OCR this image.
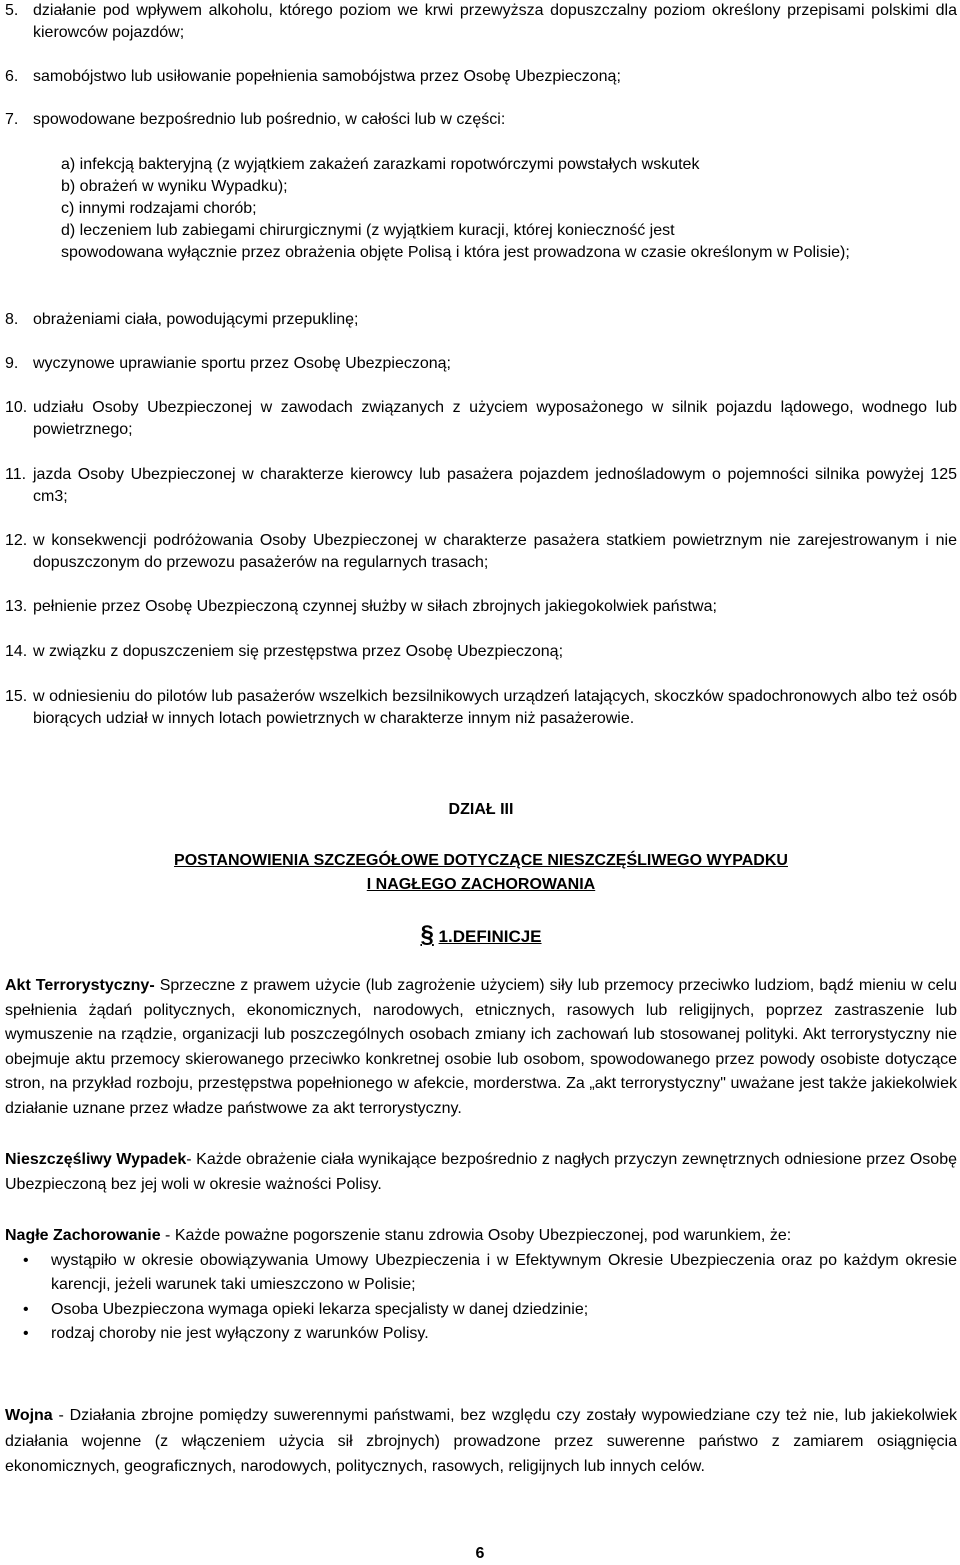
5. działanie pod wpływem alkoholu, którego poziom we krwi przewyższa dopuszczalny poziom określony przepisami polskimi dla kierowców pojazdów;

6. samobójstwo lub usiłowanie popełnienia samobójstwa przez Osobę Ubezpieczoną;

7. spowodowane bezpośrednio lub pośrednio, w całości lub w części:

a) infekcją bakteryjną (z wyjątkiem zakażeń zarazkami ropotwórczymi powstałych wskutek
b) obrażeń w wyniku Wypadku);
c) innymi rodzajami chorób;
d) leczeniem lub zabiegami chirurgicznymi (z wyjątkiem kuracji, której konieczność jest

spowodowana wyłącznie przez obrażenia objęte Polisą i która jest prowadzona w czasie określonym w Polisie);

8. obrażeniami ciała, powodującymi przepuklinę;

9. wyczynowe uprawianie sportu przez Osobę Ubezpieczoną;

10. udziału Osoby Ubezpieczonej w zawodach związanych z użyciem wyposażonego w silnik pojazdu lądowego, wodnego lub powietrznego;

11. jazda Osoby Ubezpieczonej w charakterze kierowcy lub pasażera pojazdem jednośladowym o pojemności silnika powyżej 125 cm3;

12. w konsekwencji podróżowania Osoby Ubezpieczonej w charakterze pasażera statkiem powietrznym nie zarejestrowanym i nie dopuszczonym do przewozu pasażerów na regularnych trasach;

13. pełnienie przez Osobę Ubezpieczoną czynnej służby w siłach zbrojnych jakiegokolwiek państwa;

14. w związku z dopuszczeniem się przestępstwa przez Osobę Ubezpieczoną;

15. w odniesieniu do pilotów lub pasażerów wszelkich bezsilnikowych urządzeń latających, skoczków spadochronowych albo też osób biorących udział w innych lotach powietrznych w charakterze innym niż pasażerowie.

DZIAŁ III
POSTANOWIENIA SZCZEGÓŁOWE DOTYCZĄCE NIESZCZĘŚLIWEGO WYPADKU
I NAGŁEGO ZACHOROWANIA
§ 1.DEFINICJE

Akt Terrorystyczny- Sprzeczne z prawem użycie (lub zagrożenie użyciem) siły lub przemocy przeciwko ludziom, bądź mieniu w celu spełnienia żądań politycznych, ekonomicznych, narodowych, etnicznych, rasowych lub religijnych, poprzez zastraszenie lub wymuszenie na rządzie, organizacji lub poszczególnych osobach zmiany ich zachowań lub stosowanej polityki. Akt terrorystyczny nie obejmuje aktu przemocy skierowanego przeciwko konkretnej osobie lub osobom, spowodowanego przez powody osobiste dotyczące stron, na przykład rozboju, przestępstwa popełnionego w afekcie, morderstwa. Za „akt terrorystyczny" uważane jest także jakiekolwiek działanie uznane przez władze państwowe za akt terrorystyczny.

Nieszczęśliwy Wypadek- Każde obrażenie ciała wynikające bezpośrednio z nagłych przyczyn zewnętrznych odniesione przez Osobę Ubezpieczoną bez jej woli w okresie ważności Polisy.

Nagłe Zachorowanie - Każde poważne pogorszenie stanu zdrowia Osoby Ubezpieczonej, pod warunkiem, że:

• wystąpiło w okresie obowiązywania Umowy Ubezpieczenia i w Efektywnym Okresie Ubezpieczenia oraz po każdym okresie karencji, jeżeli warunek taki umieszczono w Polisie;
• Osoba Ubezpieczona wymaga opieki lekarza specjalisty w danej dziedzinie;
• rodzaj choroby nie jest wyłączony z warunków Polisy.

Wojna - Działania zbrojne pomiędzy suwerennymi państwami, bez względu czy zostały wypowiedziane czy też nie, lub jakiekolwiek działania wojenne (z włączeniem użycia sił zbrojnych) prowadzone przez suwerenne państwo z zamiarem osiągnięcia ekonomicznych, geograficznych, narodowych, politycznych, rasowych, religijnych lub innych celów.

6
